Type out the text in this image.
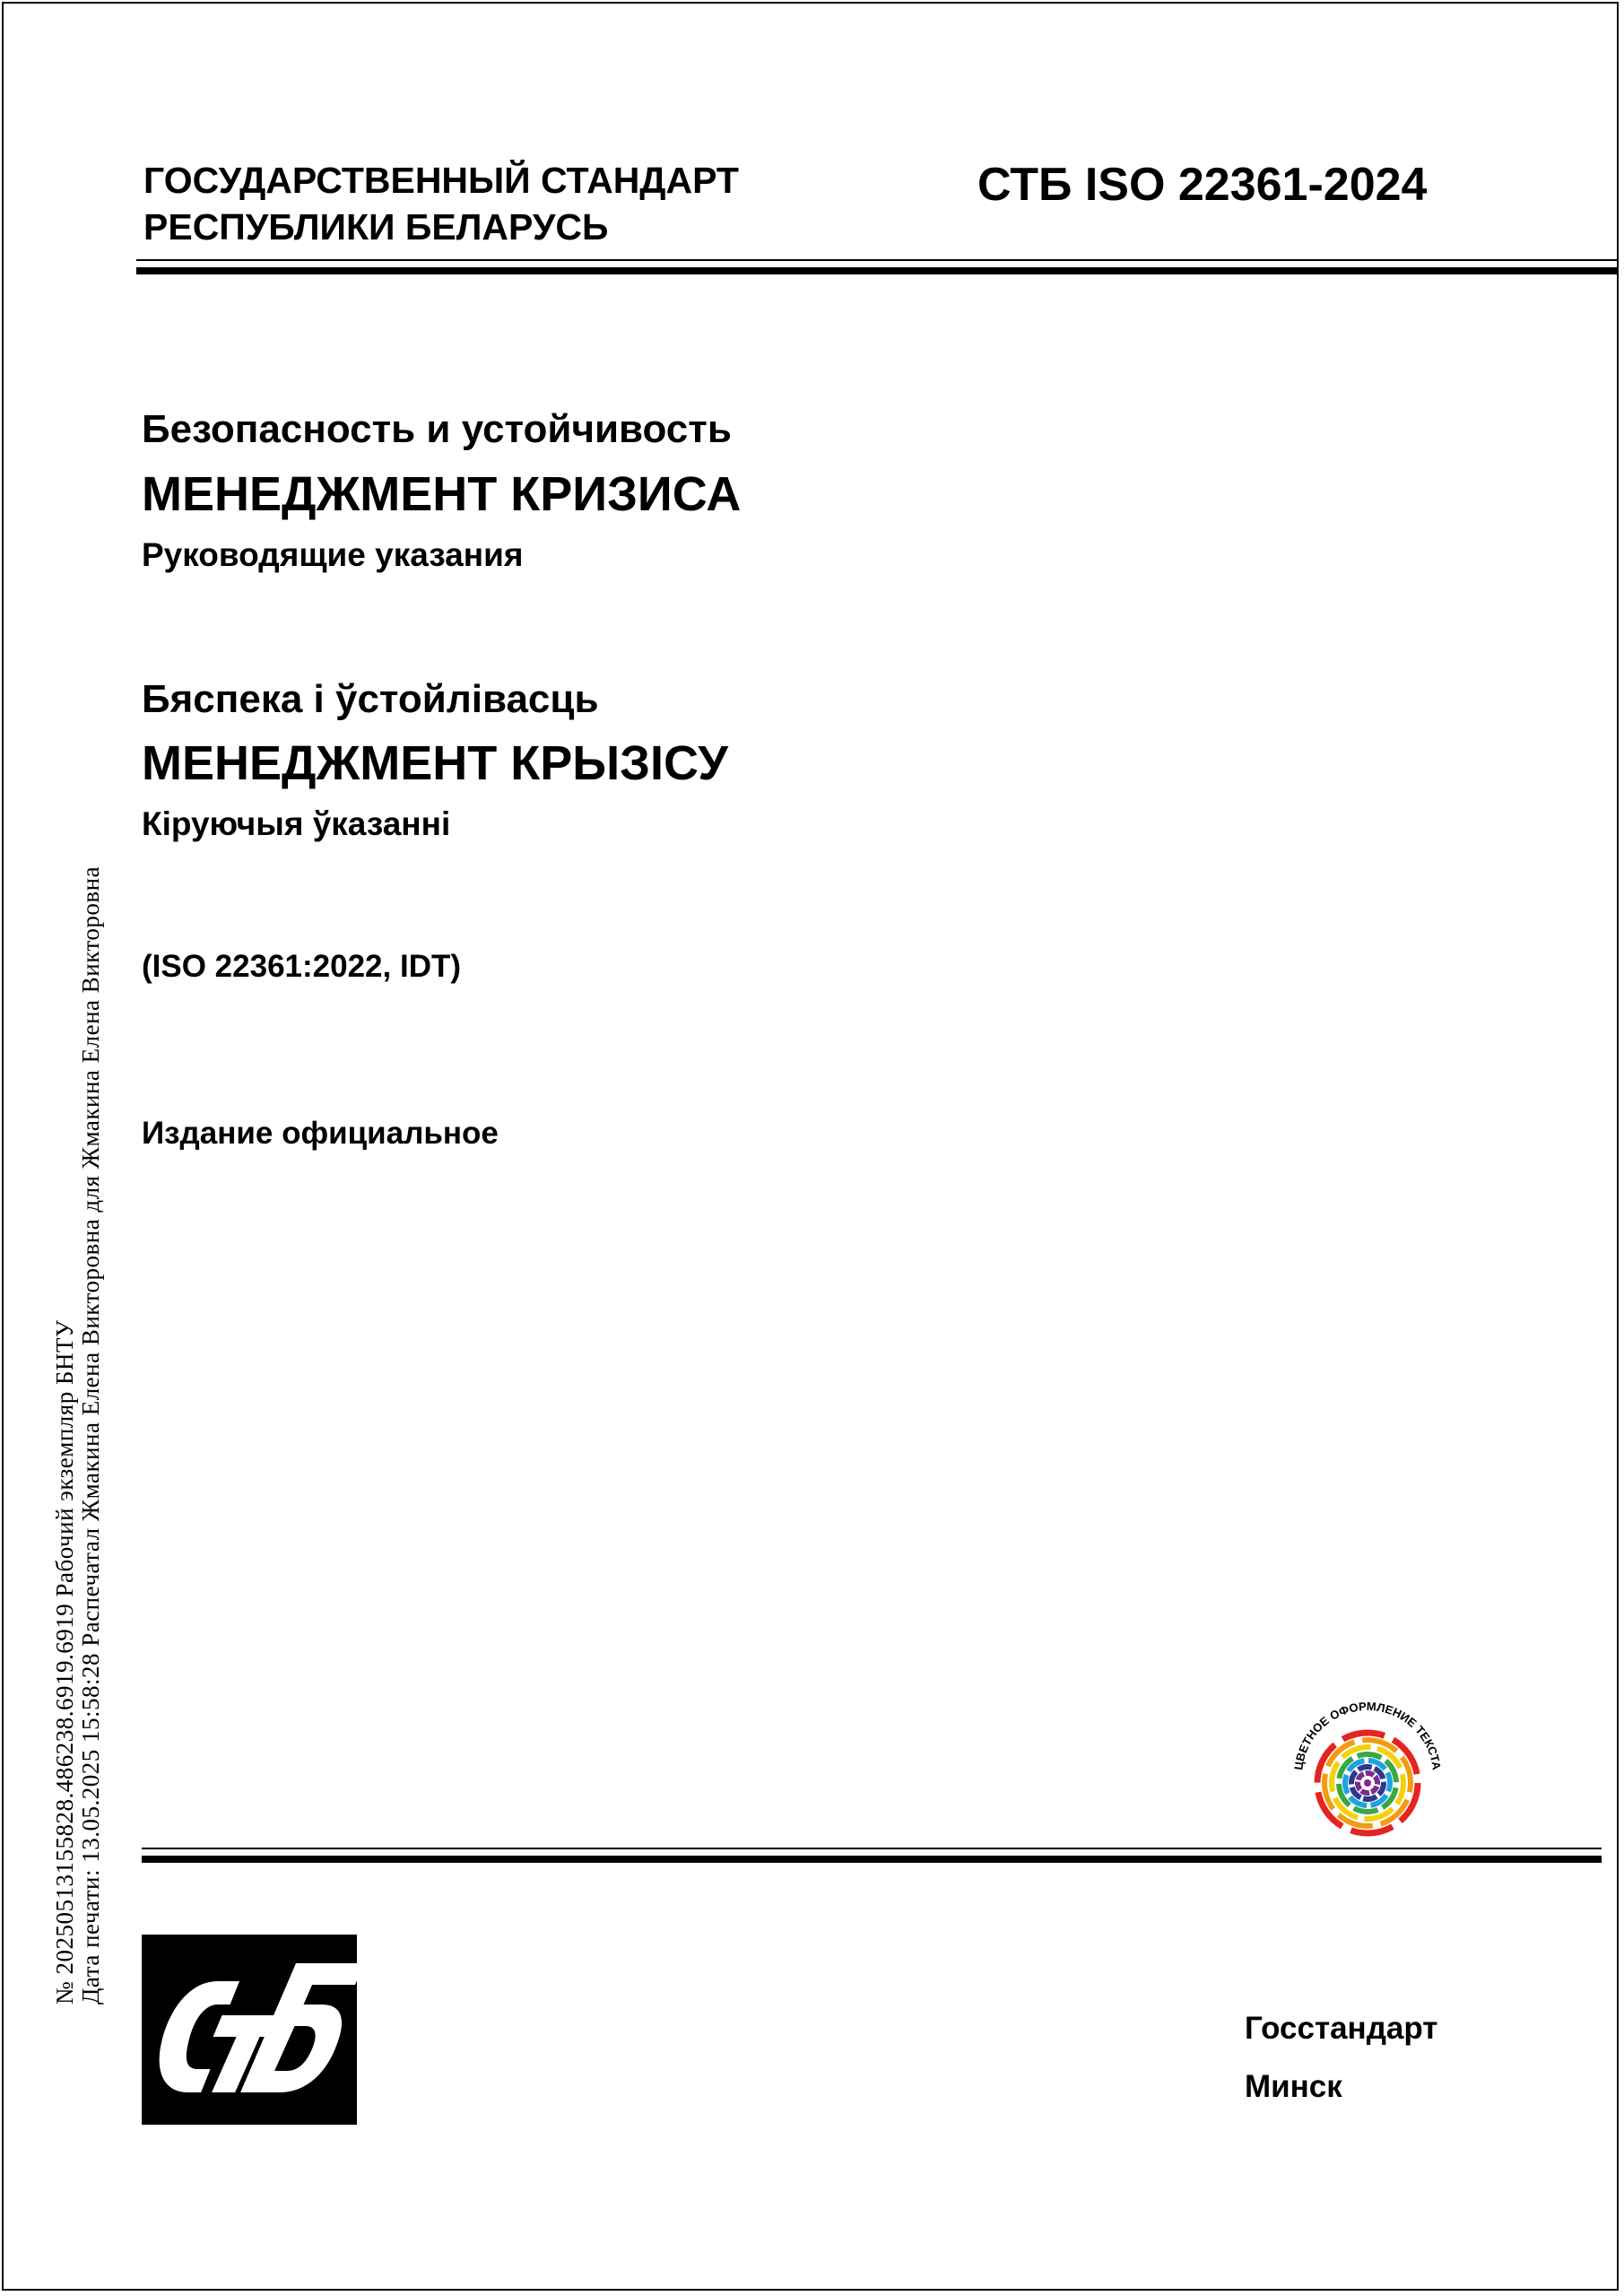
ГОСУДАРСТВЕННЫЙ СТАНДАРТ
РЕСПУБЛИКИ БЕЛАРУСЬ
СТБ ISO 22361-2024
Безопасность и устойчивость
МЕНЕДЖМЕНТ КРИЗИСА
Руководящие указания
Бяспека і ўстойлівасць
МЕНЕДЖМЕНТ КРЫЗІСУ
Кіруючыя ўказанні
(ISO 22361:2022, IDT)
Издание официальное
№ 20250513155828.486238.6919.6919 Рабочий экземпляр БНТУ Дата печати: 13.05.2025 15:58:28 Распечатал Жмакина Елена Викторовна для Жмакина Елена Викторовна	ЦВЕТНОЕ ОФОРМЛЕНИЕ ТЕКСТА
Госстандарт
Минск
